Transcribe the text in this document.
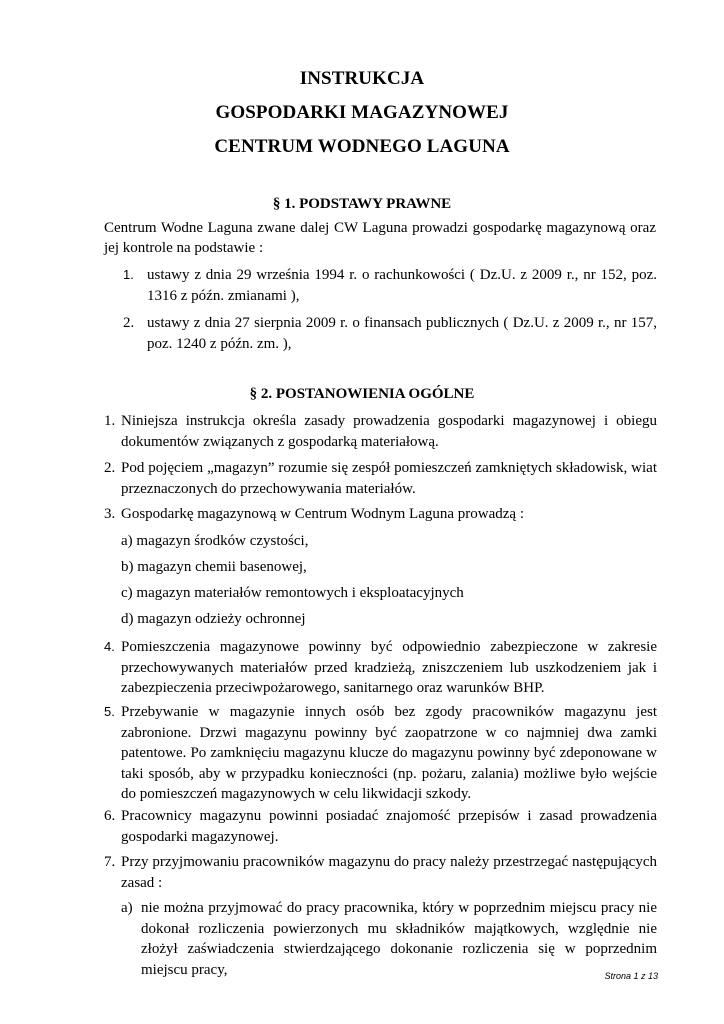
INSTRUKCJA
GOSPODARKI MAGAZYNOWEJ
CENTRUM WODNEGO LAGUNA
§ 1. PODSTAWY PRAWNE
Centrum Wodne Laguna zwane dalej CW Laguna prowadzi gospodarkę magazynową oraz jej kontrole na podstawie :
1. ustawy z dnia 29 września 1994 r. o rachunkowości ( Dz.U. z 2009 r., nr 152, poz. 1316 z późn. zmianami ),
2. ustawy z dnia 27 sierpnia 2009 r. o finansach publicznych ( Dz.U. z 2009 r., nr 157, poz. 1240 z późn. zm. ),
§ 2. POSTANOWIENIA OGÓLNE
1. Niniejsza instrukcja określa zasady prowadzenia gospodarki magazynowej i obiegu dokumentów związanych z gospodarką materiałową.
2. Pod pojęciem „magazyn” rozumie się zespół pomieszczeń zamkniętych składowisk, wiat przeznaczonych do przechowywania materiałów.
3. Gospodarkę magazynową w Centrum Wodnym Laguna prowadzą :
a) magazyn środków czystości,
b) magazyn chemii basenowej,
c) magazyn materiałów remontowych i eksploatacyjnych
d) magazyn odzieży ochronnej
4. Pomieszczenia magazynowe powinny być odpowiednio zabezpieczone w zakresie przechowywanych materiałów przed kradzieżą, zniszczeniem lub uszkodzeniem jak i zabezpieczenia przeciwpożarowego, sanitarnego oraz warunków BHP.
5. Przebywanie w magazynie innych osób bez zgody pracowników magazynu jest zabronione. Drzwi magazynu powinny być zaopatrzone w co najmniej dwa zamki patentowe. Po zamknięciu magazynu klucze do magazynu powinny być zdeponowane w taki sposób, aby w przypadku konieczności (np. pożaru, zalania) możliwe było wejście do pomieszczeń magazynowych w celu likwidacji szkody.
6. Pracownicy magazynu powinni posiadać znajomość przepisów i zasad prowadzenia gospodarki magazynowej.
7. Przy przyjmowaniu pracowników magazynu do pracy należy przestrzegać następujących zasad :
a) nie można przyjmować do pracy pracownika, który w poprzednim miejscu pracy nie dokonał rozliczenia powierzonych mu składników majątkowych, względnie nie złożył zaświadczenia stwierdzającego dokonanie rozliczenia się w poprzednim miejscu pracy,	Strona 1 z 13
